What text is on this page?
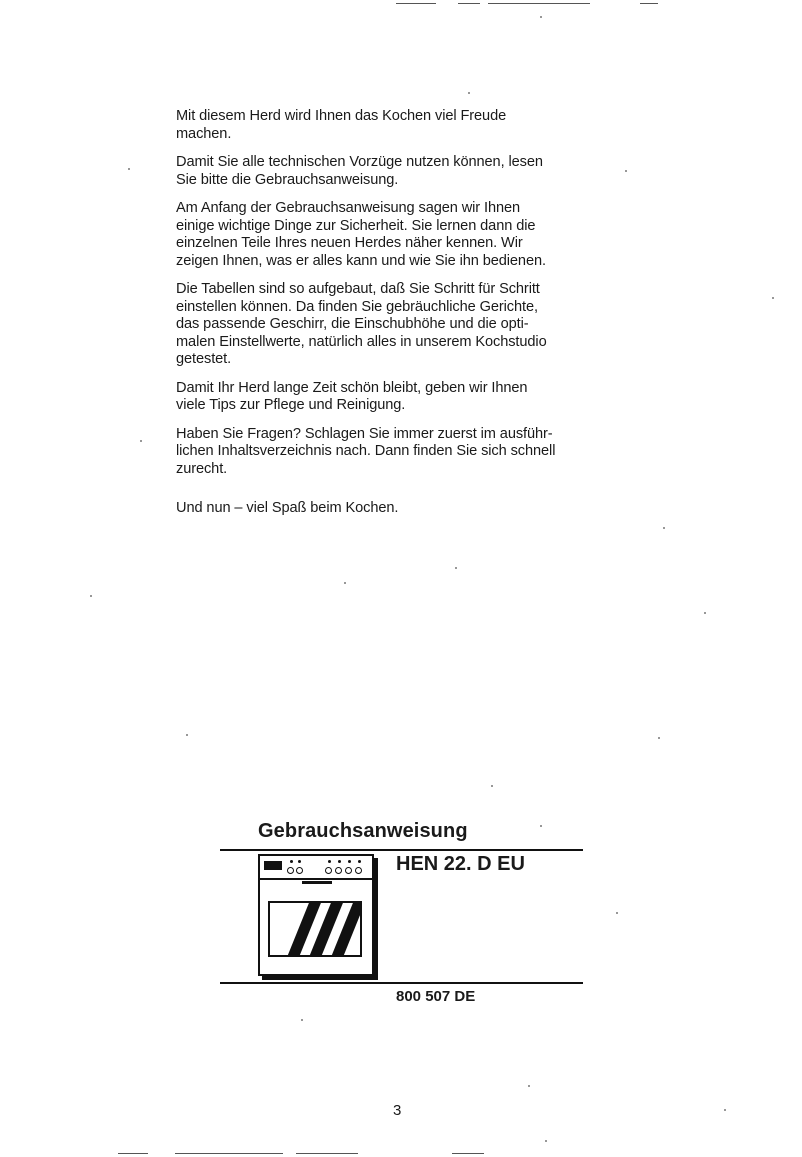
Mit diesem Herd wird Ihnen das Kochen viel Freude
machen.

Damit Sie alle technischen Vorzüge nutzen können, lesen
Sie bitte die Gebrauchsanweisung.

Am Anfang der Gebrauchsanweisung sagen wir Ihnen
einige wichtige Dinge zur Sicherheit. Sie lernen dann die
einzelnen Teile Ihres neuen Herdes näher kennen. Wir
zeigen Ihnen, was er alles kann und wie Sie ihn bedienen.

Die Tabellen sind so aufgebaut, daß Sie Schritt für Schritt
einstellen können. Da finden Sie gebräuchliche Gerichte,
das passende Geschirr, die Einschubhöhe und die opti-
malen Einstellwerte, natürlich alles in unserem Kochstudio
getestet.

Damit Ihr Herd lange Zeit schön bleibt, geben wir Ihnen
viele Tips zur Pflege und Reinigung.

Haben Sie Fragen? Schlagen Sie immer zuerst im ausführ-
lichen Inhaltsverzeichnis nach. Dann finden Sie sich schnell
zurecht.

Und nun – viel Spaß beim Kochen.

Gebrauchsanweisung
HEN 22. D EU
800 507 DE
3
